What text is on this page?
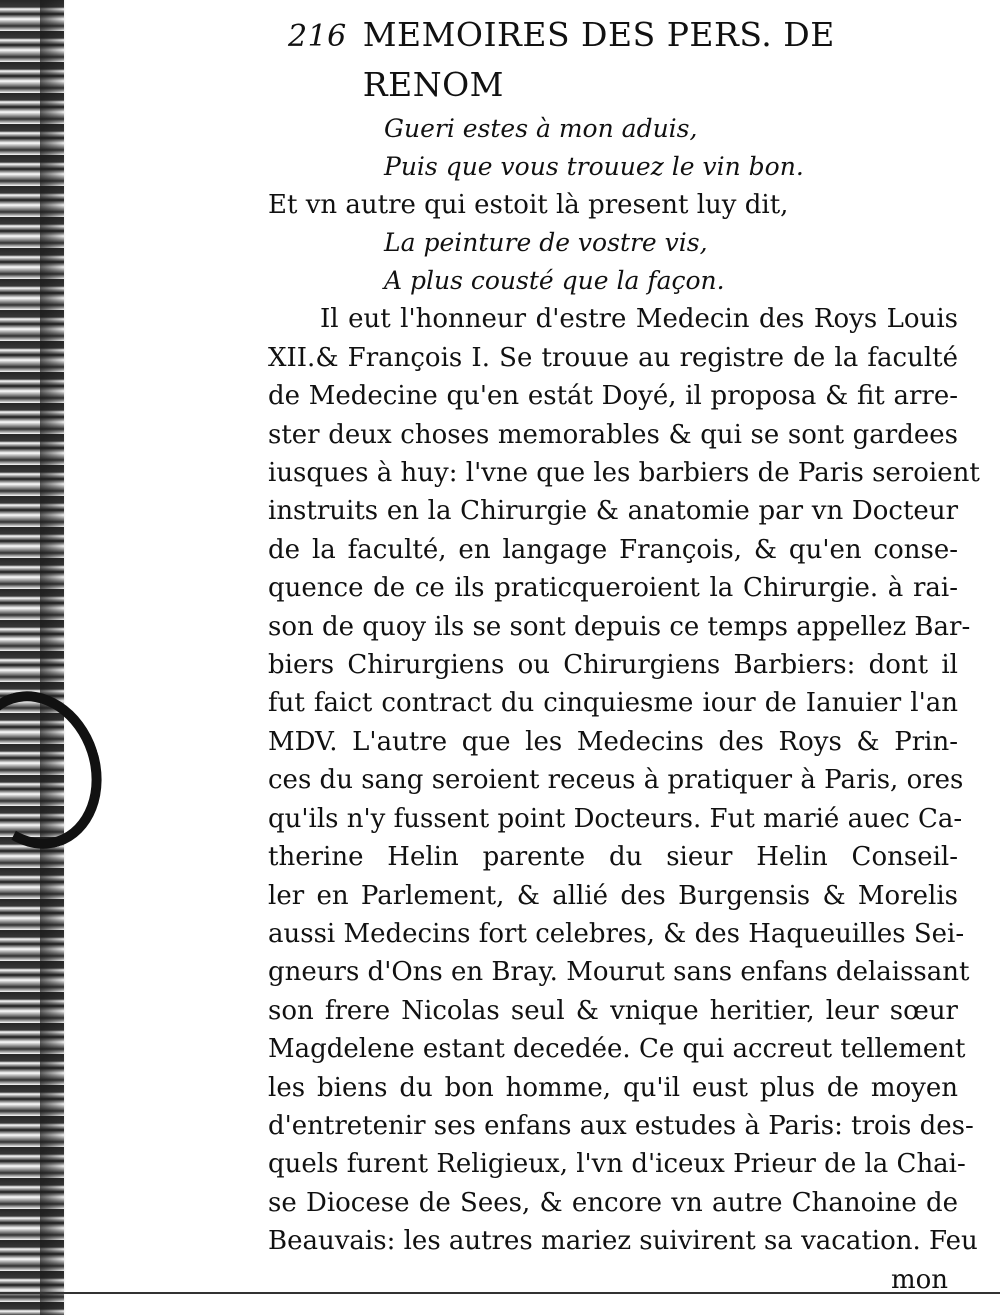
216 MEMOIRES DES PERS. DE RENOM
Gueri estes à mon aduis,
Puis que vous trouuez le vin bon.
Et vn autre qui estoit là present luy dit,
La peinture de vostre vis,
A plus cousté que la façon.
Il eut l'honneur d'estre Medecin des Roys Louis
XII.& François I. Se trouue au registre de la faculté
de Medecine qu'en estát Doyé, il proposa & fit arre-
ster deux choses memorables & qui se sont gardees
iusques à huy: l'vne que les barbiers de Paris seroient
instruits en la Chirurgie & anatomie par vn Docteur
de la faculté, en langage François, & qu'en conse-
quence de ce ils praticqueroient la Chirurgie. à rai-
son de quoy ils se sont depuis ce temps appellez Bar-
biers Chirurgiens ou Chirurgiens Barbiers: dont il
fut faict contract du cinquiesme iour de Ianuier l'an
MDV. L'autre que les Medecins des Roys & Prin-
ces du sang seroient receus à pratiquer à Paris, ores
qu'ils n'y fussent point Docteurs. Fut marié auec Ca-
therine Helin parente du sieur Helin Conseil-
ler en Parlement, & allié des Burgensis & Morelis
aussi Medecins fort celebres, & des Haqueuilles Sei-
gneurs d'Ons en Bray. Mourut sans enfans delaissant
son frere Nicolas seul & vnique heritier, leur sœur
Magdelene estant decedée. Ce qui accreut tellement
les biens du bon homme, qu'il eust plus de moyen
d'entretenir ses enfans aux estudes à Paris: trois des-
quels furent Religieux, l'vn d'iceux Prieur de la Chai-
se Diocese de Sees, & encore vn autre Chanoine de
Beauvais: les autres mariez suivirent sa vacation. Feu
mon
